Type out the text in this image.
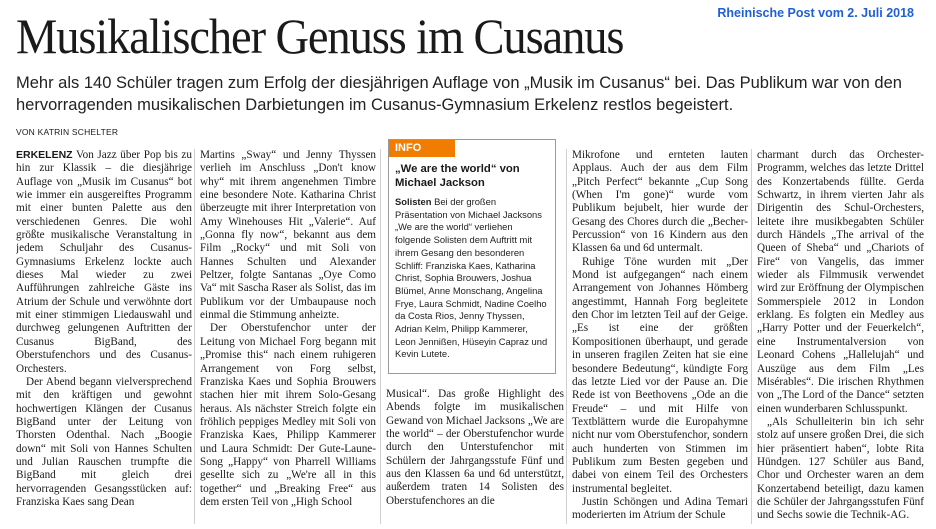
Rheinische Post vom 2. Juli 2018
Musikalischer Genuss im Cusanus

Mehr als 140 Schüler tragen zum Erfolg der diesjährigen Auflage von „Musik im Cusanus“ bei. Das Publikum war von den hervorragenden musikalischen Darbietungen im Cusanus-Gymnasium Erkelenz restlos begeistert.

VON KATRIN SCHELTER

ERKELENZ Von Jazz über Pop bis zu hin zur Klassik – die diesjährige Auflage von „Musik im Cusanus“ bot wie immer ein ausgereiftes Programm mit einer bunten Palette aus den verschiedenen Genres. Die wohl größte musikalische Veranstaltung in jedem Schuljahr des Cusanus-Gymnasiums Erkelenz lockte auch dieses Mal wieder zu zwei Aufführungen zahlreiche Gäste ins Atrium der Schule und verwöhnte dort mit einer stimmigen Liedauswahl und durchweg gelungenen Auftritten der Cusanus BigBand, des Oberstufenchors und des Cusanus-Orchesters.

Der Abend begann vielversprechend mit den kräftigen und gewohnt hochwertigen Klängen der Cusanus BigBand unter der Leitung von Thorsten Odenthal. Nach „Boogie down“ mit Soli von Hannes Schulten und Julian Rauschen trumpfte die BigBand mit gleich drei hervorragenden Gesangsstücken auf: Franziska Kaes sang Dean

Martins „Sway“ und Jenny Thyssen verlieh im Anschluss „Don't know why“ mit ihrem angenehmen Timbre eine besondere Note. Katharina Christ überzeugte mit ihrer Interpretation von Amy Winehouses Hit „Valerie“. Auf „Gonna fly now“, bekannt aus dem Film „Rocky“ und mit Soli von Hannes Schulten und Alexander Peltzer, folgte Santanas „Oye Como Va“ mit Sascha Raser als Solist, das im Publikum vor der Umbaupause noch einmal die Stimmung anheizte.

Der Oberstufenchor unter der Leitung von Michael Forg begann mit „Promise this“ nach einem ruhigeren Arrangement von Forg selbst, Franziska Kaes und Sophia Brouwers stachen hier mit ihrem Solo-Gesang heraus. Als nächster Streich folgte ein fröhlich peppiges Medley mit Soli von Franziska Kaes, Philipp Kammerer und Laura Schmidt: Der Gute-Laune-Song „Happy“ von Pharrell Williams gesellte sich zu „We're all in this together“ und „Breaking Free“ aus dem ersten Teil von „High School

INFO

„We are the world“ von Michael Jackson

Solisten Bei der großen Präsentation von Michael Jacksons „We are the world“ verliehen folgende Solisten dem Auftritt mit ihrem Gesang den besonderen Schliff: Franziska Kaes, Katharina Christ, Sophia Brouwers, Joshua Blümel, Anne Monschang, Angelina Frye, Laura Schmidt, Nadine Coelho da Costa Rios, Jenny Thyssen, Adrian Kelm, Philipp Kammerer, Leon Jennißen, Hüseyin Capraz und Kevin Lutete.

Musical“. Das große Highlight des Abends folgte im musikalischen Gewand von Michael Jacksons „We are the world“ – der Oberstufenchor wurde durch den Unterstufenchor mit Schülern der Jahrgangsstufe Fünf und aus den Klassen 6a und 6d unterstützt, außerdem traten 14 Solisten des Oberstufenchores an die

Mikrofone und ernteten lauten Applaus. Auch der aus dem Film „Pitch Perfect“ bekannte „Cup Song (When I'm gone)“ wurde vom Publikum bejubelt, hier wurde der Gesang des Chores durch die „Becher-Percussion“ von 16 Kindern aus den Klassen 6a und 6d untermalt.

Ruhige Töne wurden mit „Der Mond ist aufgegangen“ nach einem Arrangement von Johannes Hömberg angestimmt, Hannah Forg begleitete den Chor im letzten Teil auf der Geige. „Es ist eine der größten Kompositionen überhaupt, und gerade in unseren fragilen Zeiten hat sie eine besondere Bedeutung“, kündigte Forg das letzte Lied vor der Pause an. Die Rede ist von Beethovens „Ode an die Freude“ – und mit Hilfe von Textblättern wurde die Europahymne nicht nur vom Oberstufenchor, sondern auch hunderten von Stimmen im Publikum zum Besten gegeben und dabei von einem Teil des Orchesters instrumental begleitet.

Justin Schöngen und Adina Temari moderierten im Atrium der Schule

charmant durch das Orchester-Programm, welches das letzte Drittel des Konzertabends füllte. Gerda Schwartz, in ihrem vierten Jahr als Dirigentin des Schul-Orchesters, leitete ihre musikbegabten Schüler durch Händels „The arrival of the Queen of Sheba“ und „Chariots of Fire“ von Vangelis, das immer wieder als Filmmusik verwendet wird zur Eröffnung der Olympischen Sommerspiele 2012 in London erklang. Es folgten ein Medley aus „Harry Potter und der Feuerkelch“, eine Instrumentalversion von Leonard Cohens „Hallelujah“ und Auszüge aus dem Film „Les Misérables“. Die irischen Rhythmen von „The Lord of the Dance“ setzten einen wunderbaren Schlusspunkt.

„Als Schulleiterin bin ich sehr stolz auf unsere großen Drei, die sich hier präsentiert haben“, lobte Rita Hündgen. 127 Schüler aus Band, Chor und Orchester waren an dem Konzertabend beteiligt, dazu kamen die Schüler der Jahrgangsstufen Fünf und Sechs sowie die Technik-AG.
